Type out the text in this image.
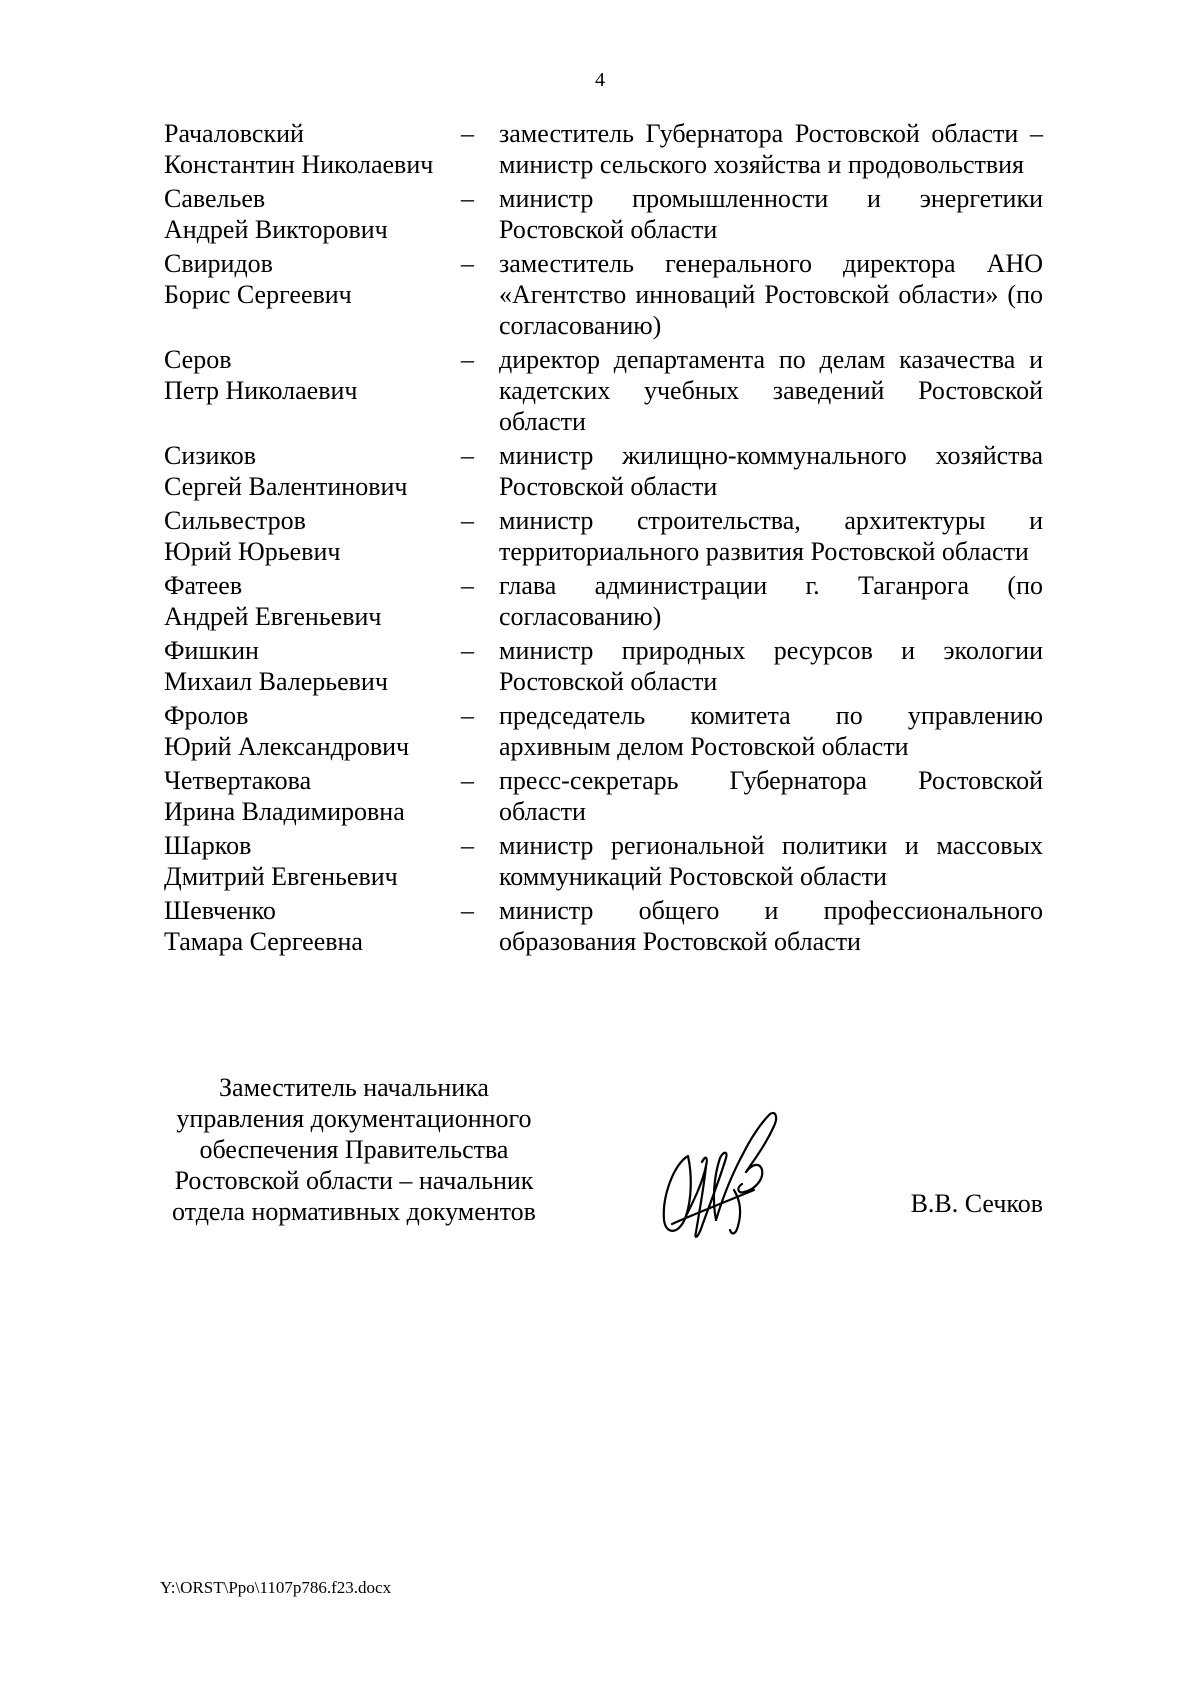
4
Рачаловский
Константин Николаевич
– заместитель Губернатора Ростовской области – министр сельского хозяйства и продовольствия
Савельев
Андрей Викторович
– министр промышленности и энергетики Ростовской области
Свиридов
Борис Сергеевич
– заместитель генерального директора АНО «Агентство инноваций Ростовской области» (по согласованию)
Серов
Петр Николаевич
– директор департамента по делам казачества и кадетских учебных заведений Ростовской области
Сизиков
Сергей Валентинович
– министр жилищно-коммунального хозяйства Ростовской области
Сильвестров
Юрий Юрьевич
– министр строительства, архитектуры и территориального развития Ростовской области
Фатеев
Андрей Евгеньевич
– глава администрации г. Таганрога (по согласованию)
Фишкин
Михаил Валерьевич
– министр природных ресурсов и экологии Ростовской области
Фролов
Юрий Александрович
– председатель комитета по управлению архивным делом Ростовской области
Четвертакова
Ирина Владимировна
– пресс-секретарь Губернатора Ростовской области
Шарков
Дмитрий Евгеньевич
– министр региональной политики и массовых коммуникаций Ростовской области
Шевченко
Тамара Сергеевна
– министр общего и профессионального образования Ростовской области
Заместитель начальника
управления документационного
обеспечения Правительства
Ростовской области – начальник
отдела нормативных документов	В.В. Сечков
Y:\ORST\Ppo\1107p786.f23.docx
